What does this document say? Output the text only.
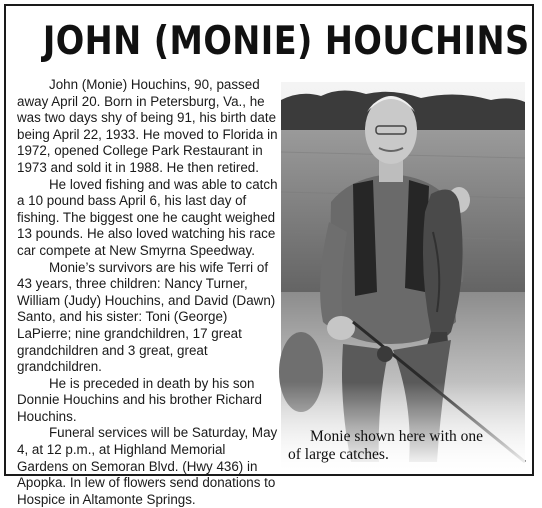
JOHN (MONIE) HOUCHINS

John (Monie) Houchins, 90, passed away April 20. Born in Petersburg, Va., he was two days shy of being 91, his birth date being April 22, 1933. He moved to Florida in 1972, opened College Park Restaurant in 1973 and sold it in 1988. He then retired.

He loved fishing and was able to catch a 10 pound bass April 6, his last day of fishing. The biggest one he caught weighed 13 pounds. He also loved watching his race car compete at New Smyrna Speedway.

Monie’s survivors are his wife Terri of 43 years, three children: Nancy Turner, William (Judy) Houchins, and David (Dawn) Santo, and his sister: Toni (George) LaPierre; nine grandchildren, 17 great grandchildren and 3 great, great grandchildren.

He is preceded in death by his son Donnie Houchins and his brother Richard Houchins.

Funeral services will be Saturday, May 4, at 12 p.m., at Highland Memorial Gardens on Semoran Blvd. (Hwy 436) in Apopka. In lew of flowers send donations to Hospice in Altamonte Springs.

Monie shown here with one
of large catches.
